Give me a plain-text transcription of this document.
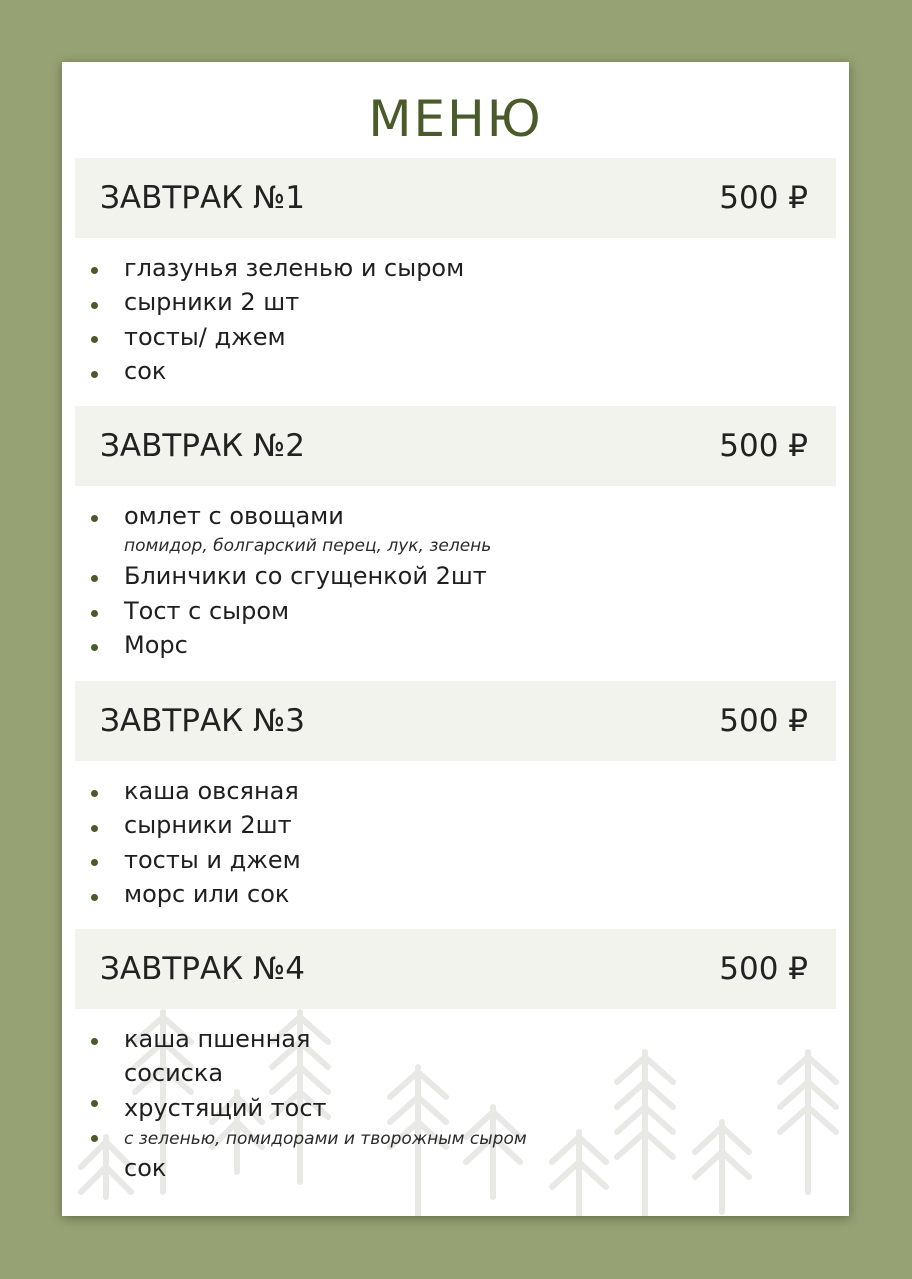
МЕНЮ
ЗАВТРАК №1	500 ₽
глазунья зеленью и сыром
сырники 2 шт
тосты/ джем
сок
ЗАВТРАК №2	500 ₽
омлет с овощами
помидор, болгарский перец, лук, зелень
Блинчики со сгущенкой 2шт
Тост с сыром
Морс
ЗАВТРАК №3	500 ₽
каша овсяная
сырники 2шт
тосты и джем
морс или сок
ЗАВТРАК №4	500 ₽
каша пшенная
сосиска
хрустящий тост
с зеленью, помидорами и творожным сыром
сок
